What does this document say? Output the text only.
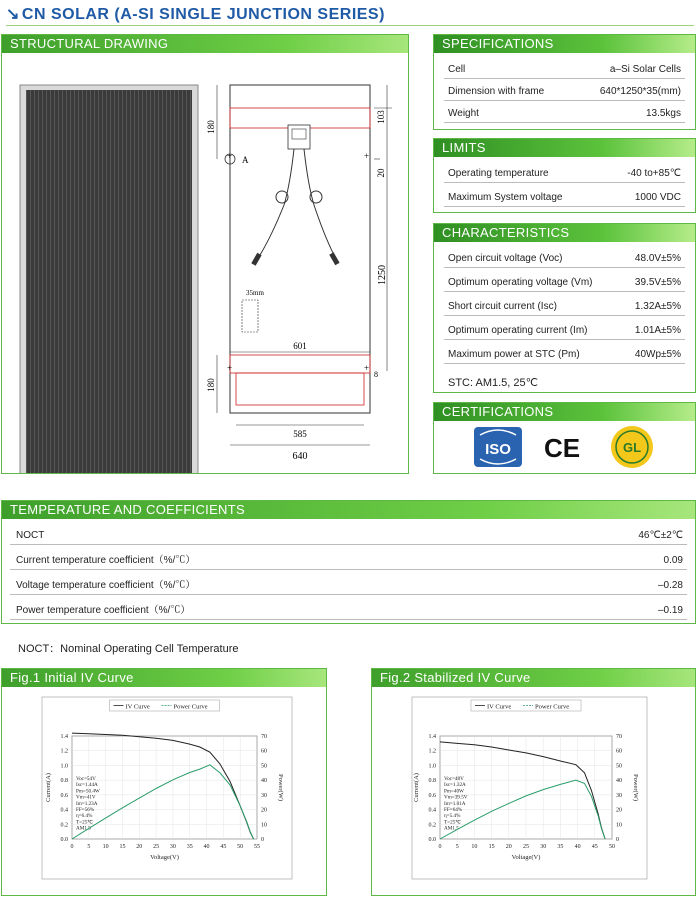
↘ CN SOLAR (A-SI SINGLE JUNCTION SERIES)
STRUCTURAL DRAWING
+	+
+	+
35mm
A
180
103
20
1250
601
8
180
585
640
SPECIFICATIONS
Cell	a–Si Solar Cells
Dimension with frame	640*1250*35(mm)
Weight	13.5kgs
LIMITS
Operating temperature	-40 to+85℃
Maximum System voltage	1000 VDC
CHARACTERISTICS
Open circuit voltage (Voc)	48.0V±5%
Optimum operating voltage (Vm)	39.5V±5%
Short circuit current (Isc)	1.32A±5%
Optimum operating current (Im)	1.01A±5%
Maximum power at STC (Pm)	40Wp±5%
STC: AM1.5, 25℃
CERTIFICATIONS
ISO CE	GL
TEMPERATURE AND COEFFICIENTS
NOCT	46℃±2℃
Current temperature coefficient（%/℃）	0.09
Voltage temperature coefficient（%/℃）	–0.28
Power temperature coefficient（%/℃）	–0.19
NOCT：Nominal Operating Cell Temperature
Fig.1 Initial IV Curve
IV Curve	Power Curve
0 5 10 15 20 25 30 35 40 45 50 55
0.0
0.2
0.4
0.6
0.8
1.0
1.2
1.4
0
10
20
30
40
50
60
70
Voltage(V)
Current(A)	Power(W)
Voc=54V
Isc=1.44A
Pm=50.4W
Vm=41V
Im=1.23A
FF=56%
η=6.4%
T=25℃
AM1.5
Fig.2 Stabilized IV Curve
IV Curve	Power Curve
0 5 10 15 20 25 30 35 40 45 50
0.0
0.2
0.4
0.6
0.8
1.0
1.2
1.4
0
10
20
30
40
50
60
70
Voltage(V)
Current(A)	Power(W)
Voc=48V
Isc=1.32A
Pm=40W
Vm=39.5V
Im=1.01A
FF=64%
η=5.4%
T=25℃
AM1.5
